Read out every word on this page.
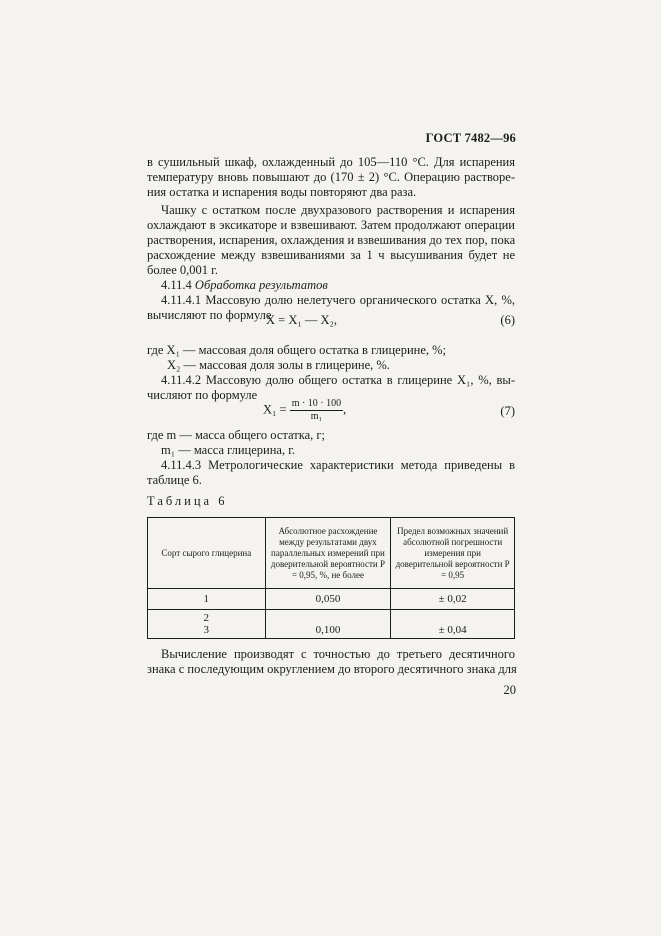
ГОСТ 7482—96
в сушильный шкаф, охлажденный до 105—110 °С. Для испарения
температуру вновь повышают до (170 ± 2) °С. Операцию растворе-
ния остатка и испарения воды повторяют два раза.
Чашку с остатком после двухразового растворения и испарения
охлаждают в эксикаторе и взвешивают. Затем продолжают операции
растворения, испарения, охлаждения и взвешивания до тех пор, пока
расхождение между взвешиваниями за 1 ч высушивания будет не
более 0,001 г.
4.11.4 Обработка результатов
4.11.4.1 Массовую долю нелетучего органического остатка X, %,
вычисляют по формуле
X = X₁ — X₂,	(6)
где X₁ — массовая доля общего остатка в глицерине, %;
X₂ — массовая доля золы в глицерине, %.
4.11.4.2 Массовую долю общего остатка в глицерине X₁, %, вы-
числяют по формуле
$X_1 = \frac{m \cdot 10 \cdot 100}{\text{m₁}}$ ,	(7)
где m — масса общего остатка, г;
m₁ — масса глицерина, г.
4.11.4.3 Метрологические характеристики метода приведены в
таблице 6.
Таблица 6
Сорт сырого глицерина	Абсолютное расхождение между результатами двух параллельных измерений при доверительной вероятности P = 0,95, %, не более	Предел возможных значений абсолютной погрешности измерения при доверительной вероятности P = 0,95
1	0,050	± 0,02

2
3	0,100	± 0,04
Вычисление производят с точностью до третьего десятичного
знака с последующим округлением до второго десятичного знака для
20
